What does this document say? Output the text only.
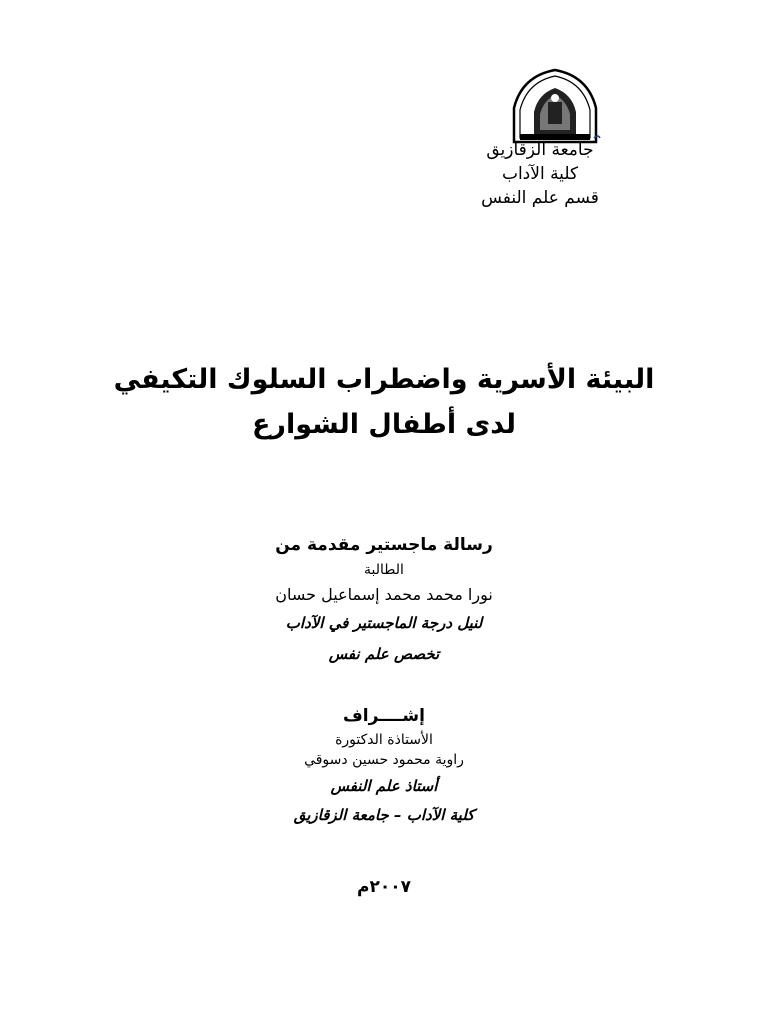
جامعة الزقازيق
كلية الآداب
قسم علم النفس
البيئة الأسرية واضطراب السلوك التكيفي
لدى أطفال الشوارع
رسالة ماجستير مقدمة من
الطالبة
نورا محمد محمد إسماعيل حسان
لنيل درجة الماجستير في الآداب
تخصص علم نفس
إشــــراف
الأستاذة الدكتورة
راوية محمود حسين دسوقي
أستاذ علم النفس
كلية الآداب – جامعة الزقازيق
٢٠٠٧م
